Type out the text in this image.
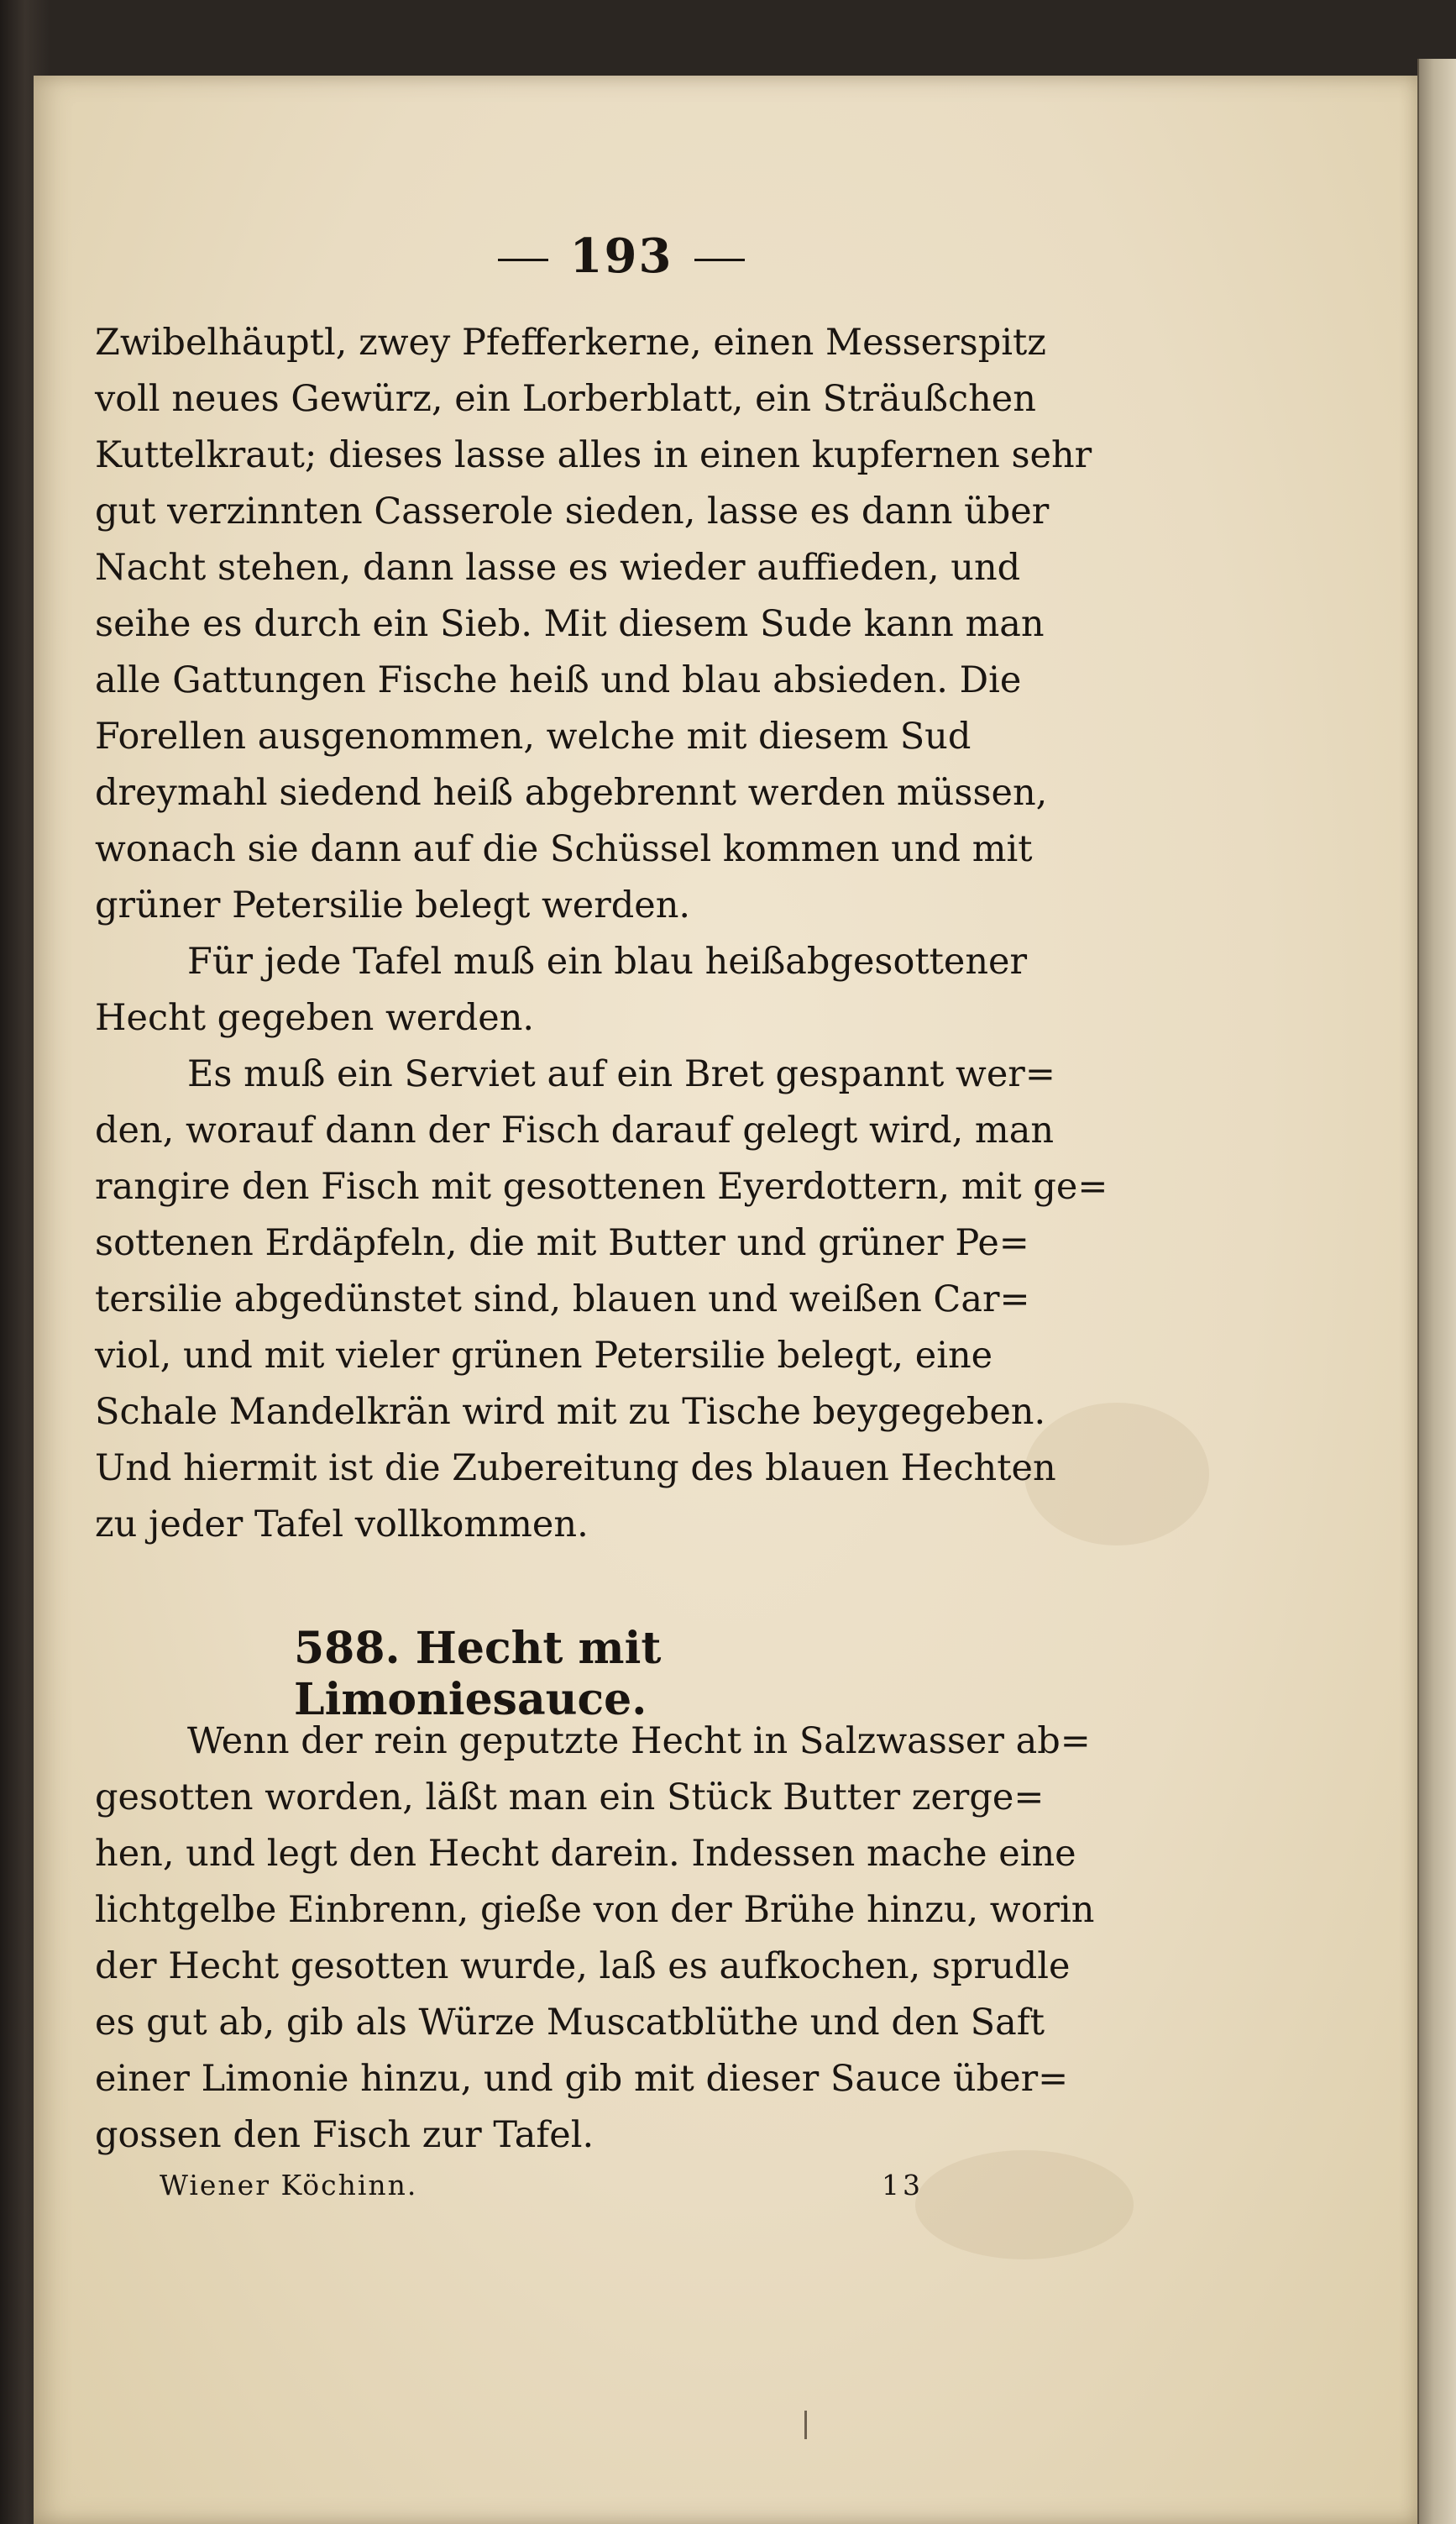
193

Zwibelhäuptl, zwey Pfefferkerne, einen Messerspitz

voll neues Gewürz, ein Lorberblatt, ein Sträußchen

Kuttelkraut; dieses lasse alles in einen kupfernen sehr

gut verzinnten Casserole sieden, lasse es dann über

Nacht stehen, dann lasse es wieder auffieden, und

seihe es durch ein Sieb. Mit diesem Sude kann man

alle Gattungen Fische heiß und blau absieden. Die

Forellen ausgenommen, welche mit diesem Sud

dreymahl siedend heiß abgebrennt werden müssen,

wonach sie dann auf die Schüssel kommen und mit

grüner Petersilie belegt werden.

Für jede Tafel muß ein blau heißabgesottener

Hecht gegeben werden.

Es muß ein Serviet auf ein Bret gespannt wer=

den, worauf dann der Fisch darauf gelegt wird, man

rangire den Fisch mit gesottenen Eyerdottern, mit ge=

sottenen Erdäpfeln, die mit Butter und grüner Pe=

tersilie abgedünstet sind, blauen und weißen Car=

viol, und mit vieler grünen Petersilie belegt, eine

Schale Mandelkrän wird mit zu Tische beygegeben.

Und hiermit ist die Zubereitung des blauen Hechten

zu jeder Tafel vollkommen.

588. Hecht mit Limoniesauce.

Wenn der rein geputzte Hecht in Salzwasser ab=

gesotten worden, läßt man ein Stück Butter zerge=

hen, und legt den Hecht darein. Indessen mache eine

lichtgelbe Einbrenn, gieße von der Brühe hinzu, worin

der Hecht gesotten wurde, laß es aufkochen, sprudle

es gut ab, gib als Würze Muscatblüthe und den Saft

einer Limonie hinzu, und gib mit dieser Sauce über=

gossen den Fisch zur Tafel.

Wiener Köchinn.	13
